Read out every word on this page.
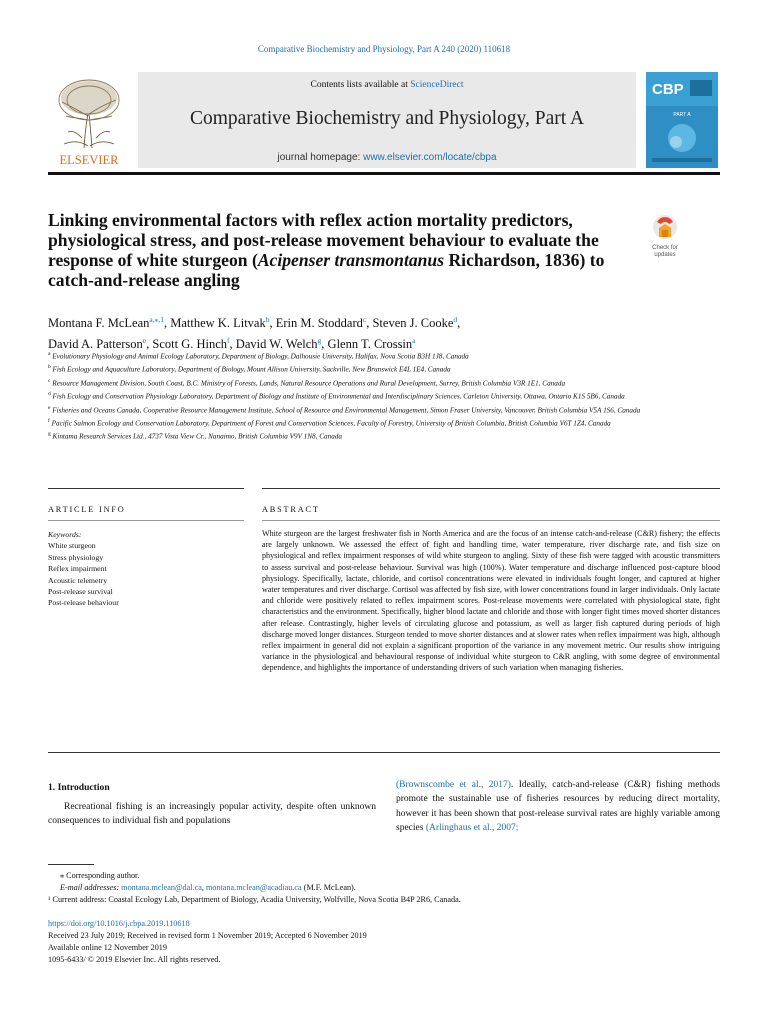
Comparative Biochemistry and Physiology, Part A 240 (2020) 110618
ELSEVIER
Contents lists available at ScienceDirect
Comparative Biochemistry and Physiology, Part A
journal homepage: www.elsevier.com/locate/cbpa
CBP
PART A
Linking environmental factors with reflex action mortality predictors, physiological stress, and post-release movement behaviour to evaluate the response of white sturgeon (Acipenser transmontanus Richardson, 1836) to catch-and-release angling
Check for
updates
Montana F. McLean$^{a,⁎,1}$, Matthew K. Litvak$^b$, Erin M. Stoddard$^c$, Steven J. Cooke$^d$,
David A. Patterson$^e$, Scott G. Hinch$^f$, David W. Welch$^g$, Glenn T. Crossin$^a$

$^a$ Evolutionary Physiology and Animal Ecology Laboratory, Department of Biology, Dalhousie University, Halifax, Nova Scotia B3H 1J8, Canada

$^b$ Fish Ecology and Aquaculture Laboratory, Department of Biology, Mount Allison University, Sackville, New Brunswick E4L 1E4, Canada

$^c$ Resource Management Division, South Coast, B.C. Ministry of Forests, Lands, Natural Resource Operations and Rural Development, Surrey, British Columbia V3R 1E1, Canada

$^d$ Fish Ecology and Conservation Physiology Laboratory, Department of Biology and Institute of Environmental and Interdisciplinary Sciences, Carleton University, Ottawa, Ontario K1S 5B6, Canada

$^e$ Fisheries and Oceans Canada, Cooperative Resource Management Institute, School of Resource and Environmental Management, Simon Fraser University, Vancouver, British Columbia V5A 1S6, Canada

$^f$ Pacific Salmon Ecology and Conservation Laboratory, Department of Forest and Conservation Sciences, Faculty of Forestry, University of British Columbia, British Columbia V6T 1Z4, Canada

$^g$ Kintama Research Services Ltd., 4737 Vista View Cr., Nanaimo, British Columbia V9V 1N8, Canada

ARTICLE INFO	ABSTRACT
Keywords:
White sturgeon
Stress physiology
Reflex impairment
Acoustic telemetry
Post-release survival
Post-release behaviour
White sturgeon are the largest freshwater fish in North America and are the focus of an intense catch-and-release (C&R) fishery; the effects are largely unknown. We assessed the effect of fight and handling time, water temperature, river discharge rate, and fish size on physiological and reflex impairment responses of wild white sturgeon to angling. Sixty of these fish were tagged with acoustic transmitters to assess survival and post-release behaviour. Survival was high (100%). Water temperature and discharge influenced post-capture blood physiology. Specifically, lactate, chloride, and cortisol concentrations were elevated in individuals fought longer, and captured at higher water temperatures and river discharge. Cortisol was affected by fish size, with lower concentrations found in larger individuals. Only lactate and chloride were positively related to reflex impairment scores. Post-release movements were correlated with physiological state, fight characteristics and the environment. Specifically, higher blood lactate and chloride and those with longer fight times moved shorter distances after release. Contrastingly, higher levels of circulating glucose and potassium, as well as larger fish captured during periods of high discharge moved longer distances. Sturgeon tended to move shorter distances and at slower rates when reflex impairment was high, although reflex impairment in general did not explain a significant proportion of the variance in any movement metric. Our results show intriguing variance in the physiological and behavioural response of individual white sturgeon to C&R angling, with some degree of environmental dependence, and highlights the importance of understanding drivers of such variation when managing fisheries.
1. Introduction
Recreational fishing is an increasingly popular activity, despite often unknown consequences to individual fish and populations
(Brownscombe et al., 2017). Ideally, catch-and-release (C&R) fishing methods promote the sustainable use of fisheries resources by reducing direct mortality, however it has been shown that post-release survival rates are highly variable among species (Arlinghaus et al., 2007;

⁎ Corresponding author.

E-mail addresses: montana.mclean@dal.ca, montana.mclean@acadiau.ca (M.F. McLean).

¹ Current address: Coastal Ecology Lab, Department of Biology, Acadia University, Wolfville, Nova Scotia B4P 2R6, Canada.

https://doi.org/10.1016/j.cbpa.2019.110618
Received 23 July 2019; Received in revised form 1 November 2019; Accepted 6 November 2019
Available online 12 November 2019
1095-6433/ © 2019 Elsevier Inc. All rights reserved.
